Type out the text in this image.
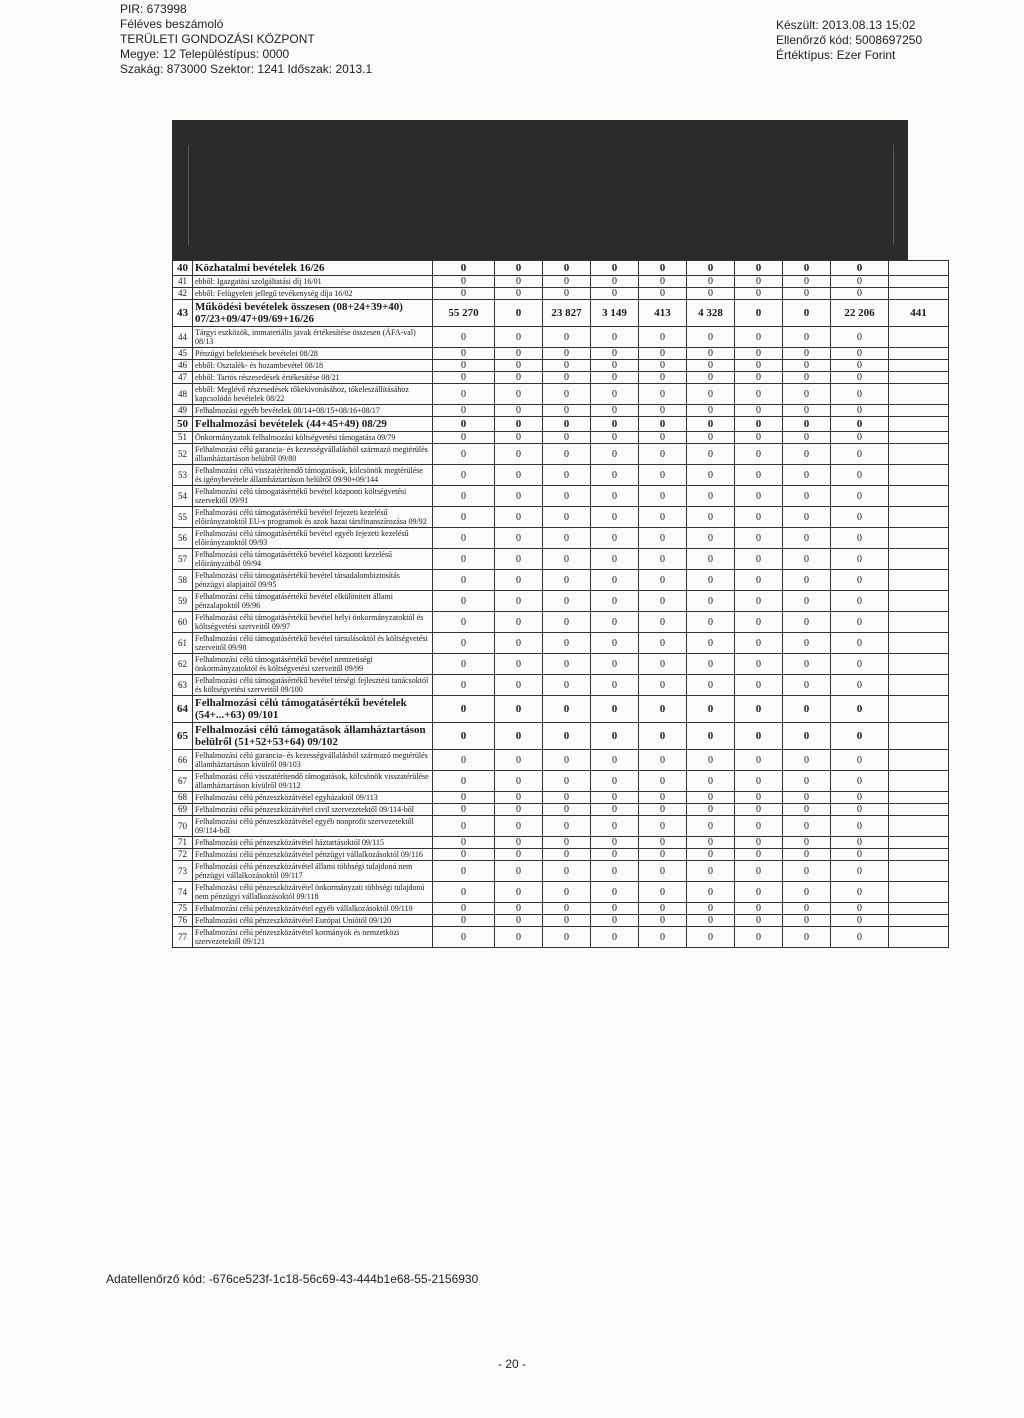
PIR: 673998
Féléves beszámoló
TERÜLETI GONDOZÁSI KÖZPONT
Megye: 12 Településtípus: 0000
Szakág: 873000 Szektor: 1241 Időszak: 2013.1
Készült: 2013.08.13 15:02
Ellenőrző kód: 5008697250
Értéktípus: Ezer Forint
40	Közhatalmi bevételek 16/26	0	0	0	0	0	0	0	0	0	
41	ebből: Igazgatási szolgáltatási díj 16/01	0	0	0	0	0	0	0	0	0	
42	ebből: Felügyeleti jellegű tevékenység díja 16/02	0	0	0	0	0	0	0	0	0	
43	Működési bevételek összesen (08+24+39+40) 07/23+09/47+09/69+16/26	55 270	0	23 827	3 149	413	4 328	0	0	22 206	441
44	Tárgyi eszközök, immateriális javak értékesítése összesen (ÁFA-val) 08/13	0	0	0	0	0	0	0	0	0	
45	Pénzügyi befektetések bevételei 08/28	0	0	0	0	0	0	0	0	0	
46	ebből: Osztalék- és hozambevétel 08/18	0	0	0	0	0	0	0	0	0	
47	ebből: Tartós részesedések értékesítése 08/21	0	0	0	0	0	0	0	0	0	
48	ebből: Meglévő részesedések tőkekivonásához, tőkeleszállításához kapcsolódó bevételek 08/22	0	0	0	0	0	0	0	0	0	
49	Felhalmozási egyéb bevételek 08/14+08/15+08/16+08/17	0	0	0	0	0	0	0	0	0	
50	Felhalmozási bevételek (44+45+49) 08/29	0	0	0	0	0	0	0	0	0	
51	Önkormányzatok felhalmozási költségvetési támogatása 09/79	0	0	0	0	0	0	0	0	0	
52	Felhalmozási célú garancia- és kezességvállalásból származó megtérülés államháztartáson belülről 09/80	0	0	0	0	0	0	0	0	0	
53	Felhalmozási célú visszatérítendő támogatások, kölcsönök megtérülése és igénybevétele államháztartáson belülről 09/90+09/144	0	0	0	0	0	0	0	0	0	
54	Felhalmozási célú támogatásértékű bevétel központi költségvetési szervektől 09/91	0	0	0	0	0	0	0	0	0	
55	Felhalmozási célú támogatásértékű bevétel fejezeti kezelésű előirányzatoktól EU-s programok és azok hazai társfinanszírozása 09/92	0	0	0	0	0	0	0	0	0	
56	Felhalmozási célú támogatásértékű bevétel egyéb fejezeti kezelésű előirányzatoktól 09/93	0	0	0	0	0	0	0	0	0	
57	Felhalmozási célú támogatásértékű bevétel központi kezelésű előirányzatból 09/94	0	0	0	0	0	0	0	0	0	
58	Felhalmozási célú támogatásértékű bevétel társadalombiztosítás pénzügyi alapjaitól 09/95	0	0	0	0	0	0	0	0	0	
59	Felhalmozási célú támogatásértékű bevétel elkülönített állami pénzalapoktól 09/96	0	0	0	0	0	0	0	0	0	
60	Felhalmozási célú támogatásértékű bevétel helyi önkormányzatoktól és költségvetési szerveitől 09/97	0	0	0	0	0	0	0	0	0	
61	Felhalmozási célú támogatásértékű bevétel társulásoktól és költségvetési szerveitől 09/98	0	0	0	0	0	0	0	0	0	
62	Felhalmozási célú támogatásértékű bevétel nemzetiségi önkormányzatoktól és költségvetési szerveitől 09/99	0	0	0	0	0	0	0	0	0	
63	Felhalmozási célú támogatásértékű bevétel térségi fejlesztési tanácsoktól és költségvetési szerveitől 09/100	0	0	0	0	0	0	0	0	0	
64	Felhalmozási célú támogatásértékű bevételek (54+...+63) 09/101	0	0	0	0	0	0	0	0	0	
65	Felhalmozási célú támogatások államháztartáson belülről (51+52+53+64) 09/102	0	0	0	0	0	0	0	0	0	
66	Felhalmozási célú garancia- és kezességvállalásból származó megtérülés államháztartáson kívülről 09/103	0	0	0	0	0	0	0	0	0	
67	Felhalmozási célú visszatérítendő támogatások, kölcsönök visszatérülése államháztartáson kívülről 09/112	0	0	0	0	0	0	0	0	0	
68	Felhalmozási célú pénzeszközátvétel egyházaktól 09/113	0	0	0	0	0	0	0	0	0	
69	Felhalmozási célú pénzeszközátvétel civil szervezetektől 09/114-ből	0	0	0	0	0	0	0	0	0	
70	Felhalmozási célú pénzeszközátvétel egyéb nonprofit szervezetektől 09/114-ből	0	0	0	0	0	0	0	0	0	
71	Felhalmozási célú pénzeszközátvétel háztartásoktól 09/115	0	0	0	0	0	0	0	0	0	
72	Felhalmozási célú pénzeszközátvétel pénzügyi vállalkozásoktól 09/116	0	0	0	0	0	0	0	0	0	
73	Felhalmozási célú pénzeszközátvétel állami többségi tulajdonú nem pénzügyi vállalkozásoktól 09/117	0	0	0	0	0	0	0	0	0	
74	Felhalmozási célú pénzeszközátvétel önkormányzati többségi tulajdonú nem pénzügyi vállalkozásoktól 09/118	0	0	0	0	0	0	0	0	0	
75	Felhalmozási célú pénzeszközátvétel egyéb vállalkozásoktól 09/119	0	0	0	0	0	0	0	0	0	
76	Felhalmozási célú pénzeszközátvétel Európai Uniótól 09/120	0	0	0	0	0	0	0	0	0	
77	Felhalmozási célú pénzeszközátvétel kormányok és nemzetközi szervezetektől 09/121	0	0	0	0	0	0	0	0	0	
Adatellenőrző kód: -676ce523f-1c18-56c69-43-444b1e68-55-2156930
- 20 -
